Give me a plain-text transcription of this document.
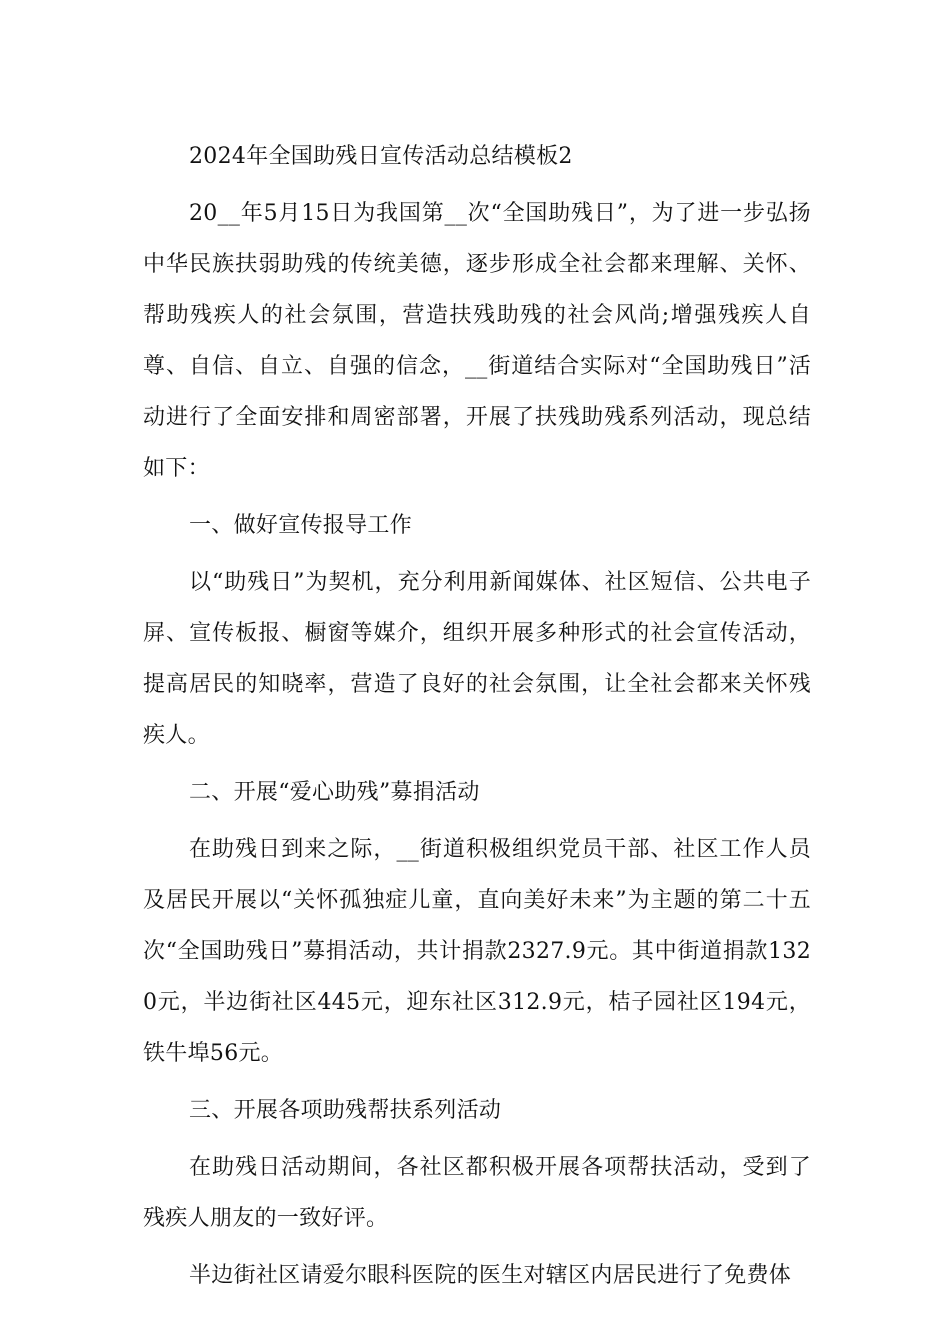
2024年全国助残日宣传活动总结模板2

20__年5月15日为我国第__次“全国助残日”，为了进一步弘扬中华民族扶弱助残的传统美德，逐步形成全社会都来理解、关怀、帮助残疾人的社会氛围，营造扶残助残的社会风尚;增强残疾人自尊、自信、自立、自强的信念，__街道结合实际对“全国助残日”活动进行了全面安排和周密部署，开展了扶残助残系列活动，现总结如下：

一、做好宣传报导工作

以“助残日”为契机，充分利用新闻媒体、社区短信、公共电子屏、宣传板报、橱窗等媒介，组织开展多种形式的社会宣传活动，提高居民的知晓率，营造了良好的社会氛围，让全社会都来关怀残疾人。

二、开展“爱心助残”募捐活动

在助残日到来之际，__街道积极组织党员干部、社区工作人员及居民开展以“关怀孤独症儿童，直向美好未来”为主题的第二十五次“全国助残日”募捐活动，共计捐款2327.9元。其中街道捐款1320元，半边街社区445元，迎东社区312.9元，桔子园社区194元，铁牛埠56元。

三、开展各项助残帮扶系列活动

在助残日活动期间，各社区都积极开展各项帮扶活动，受到了残疾人朋友的一致好评。

半边街社区请爱尔眼科医院的医生对辖区内居民进行了免费体
